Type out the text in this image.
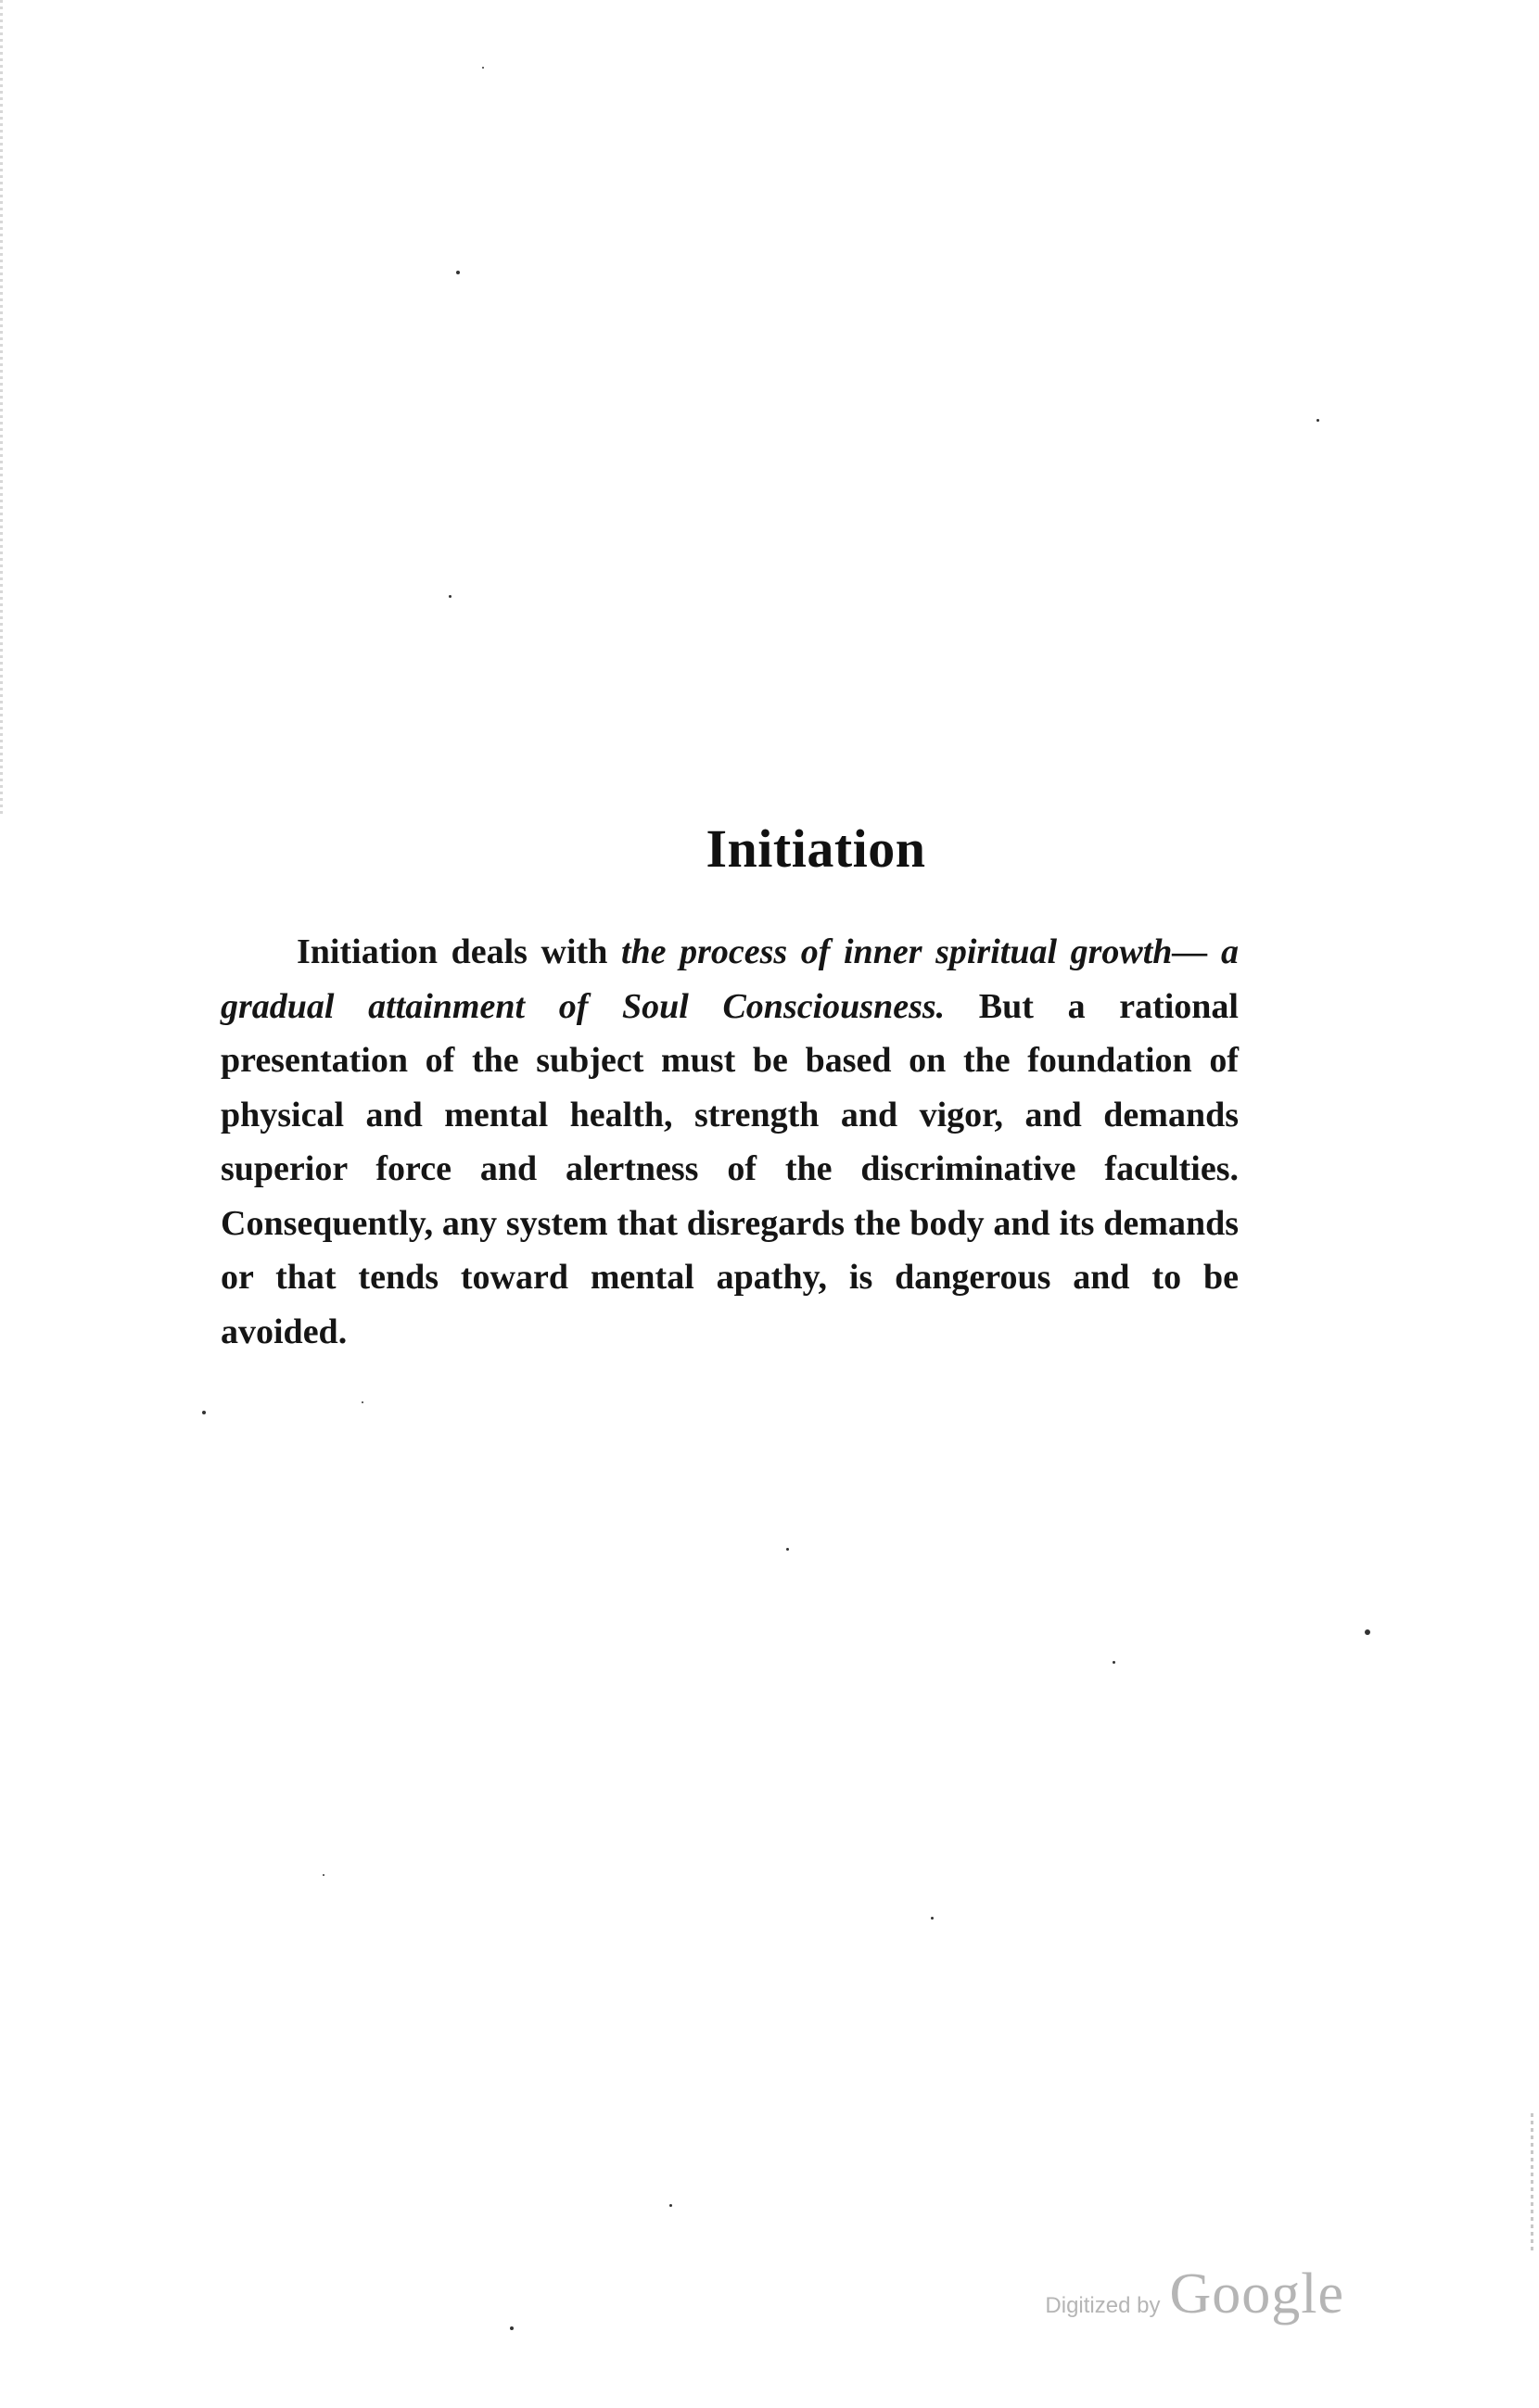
Initiation
Initiation deals with the process of inner spiritual growth— a gradual attainment of Soul Consciousness. But a rational presentation of the subject must be based on the foundation of physical and mental health, strength and vigor, and demands superior force and alertness of the discriminative faculties. Consequently, any system that disregards the body and its demands or that tends toward mental apathy, is dangerous and to be avoided.
Digitized by Google
